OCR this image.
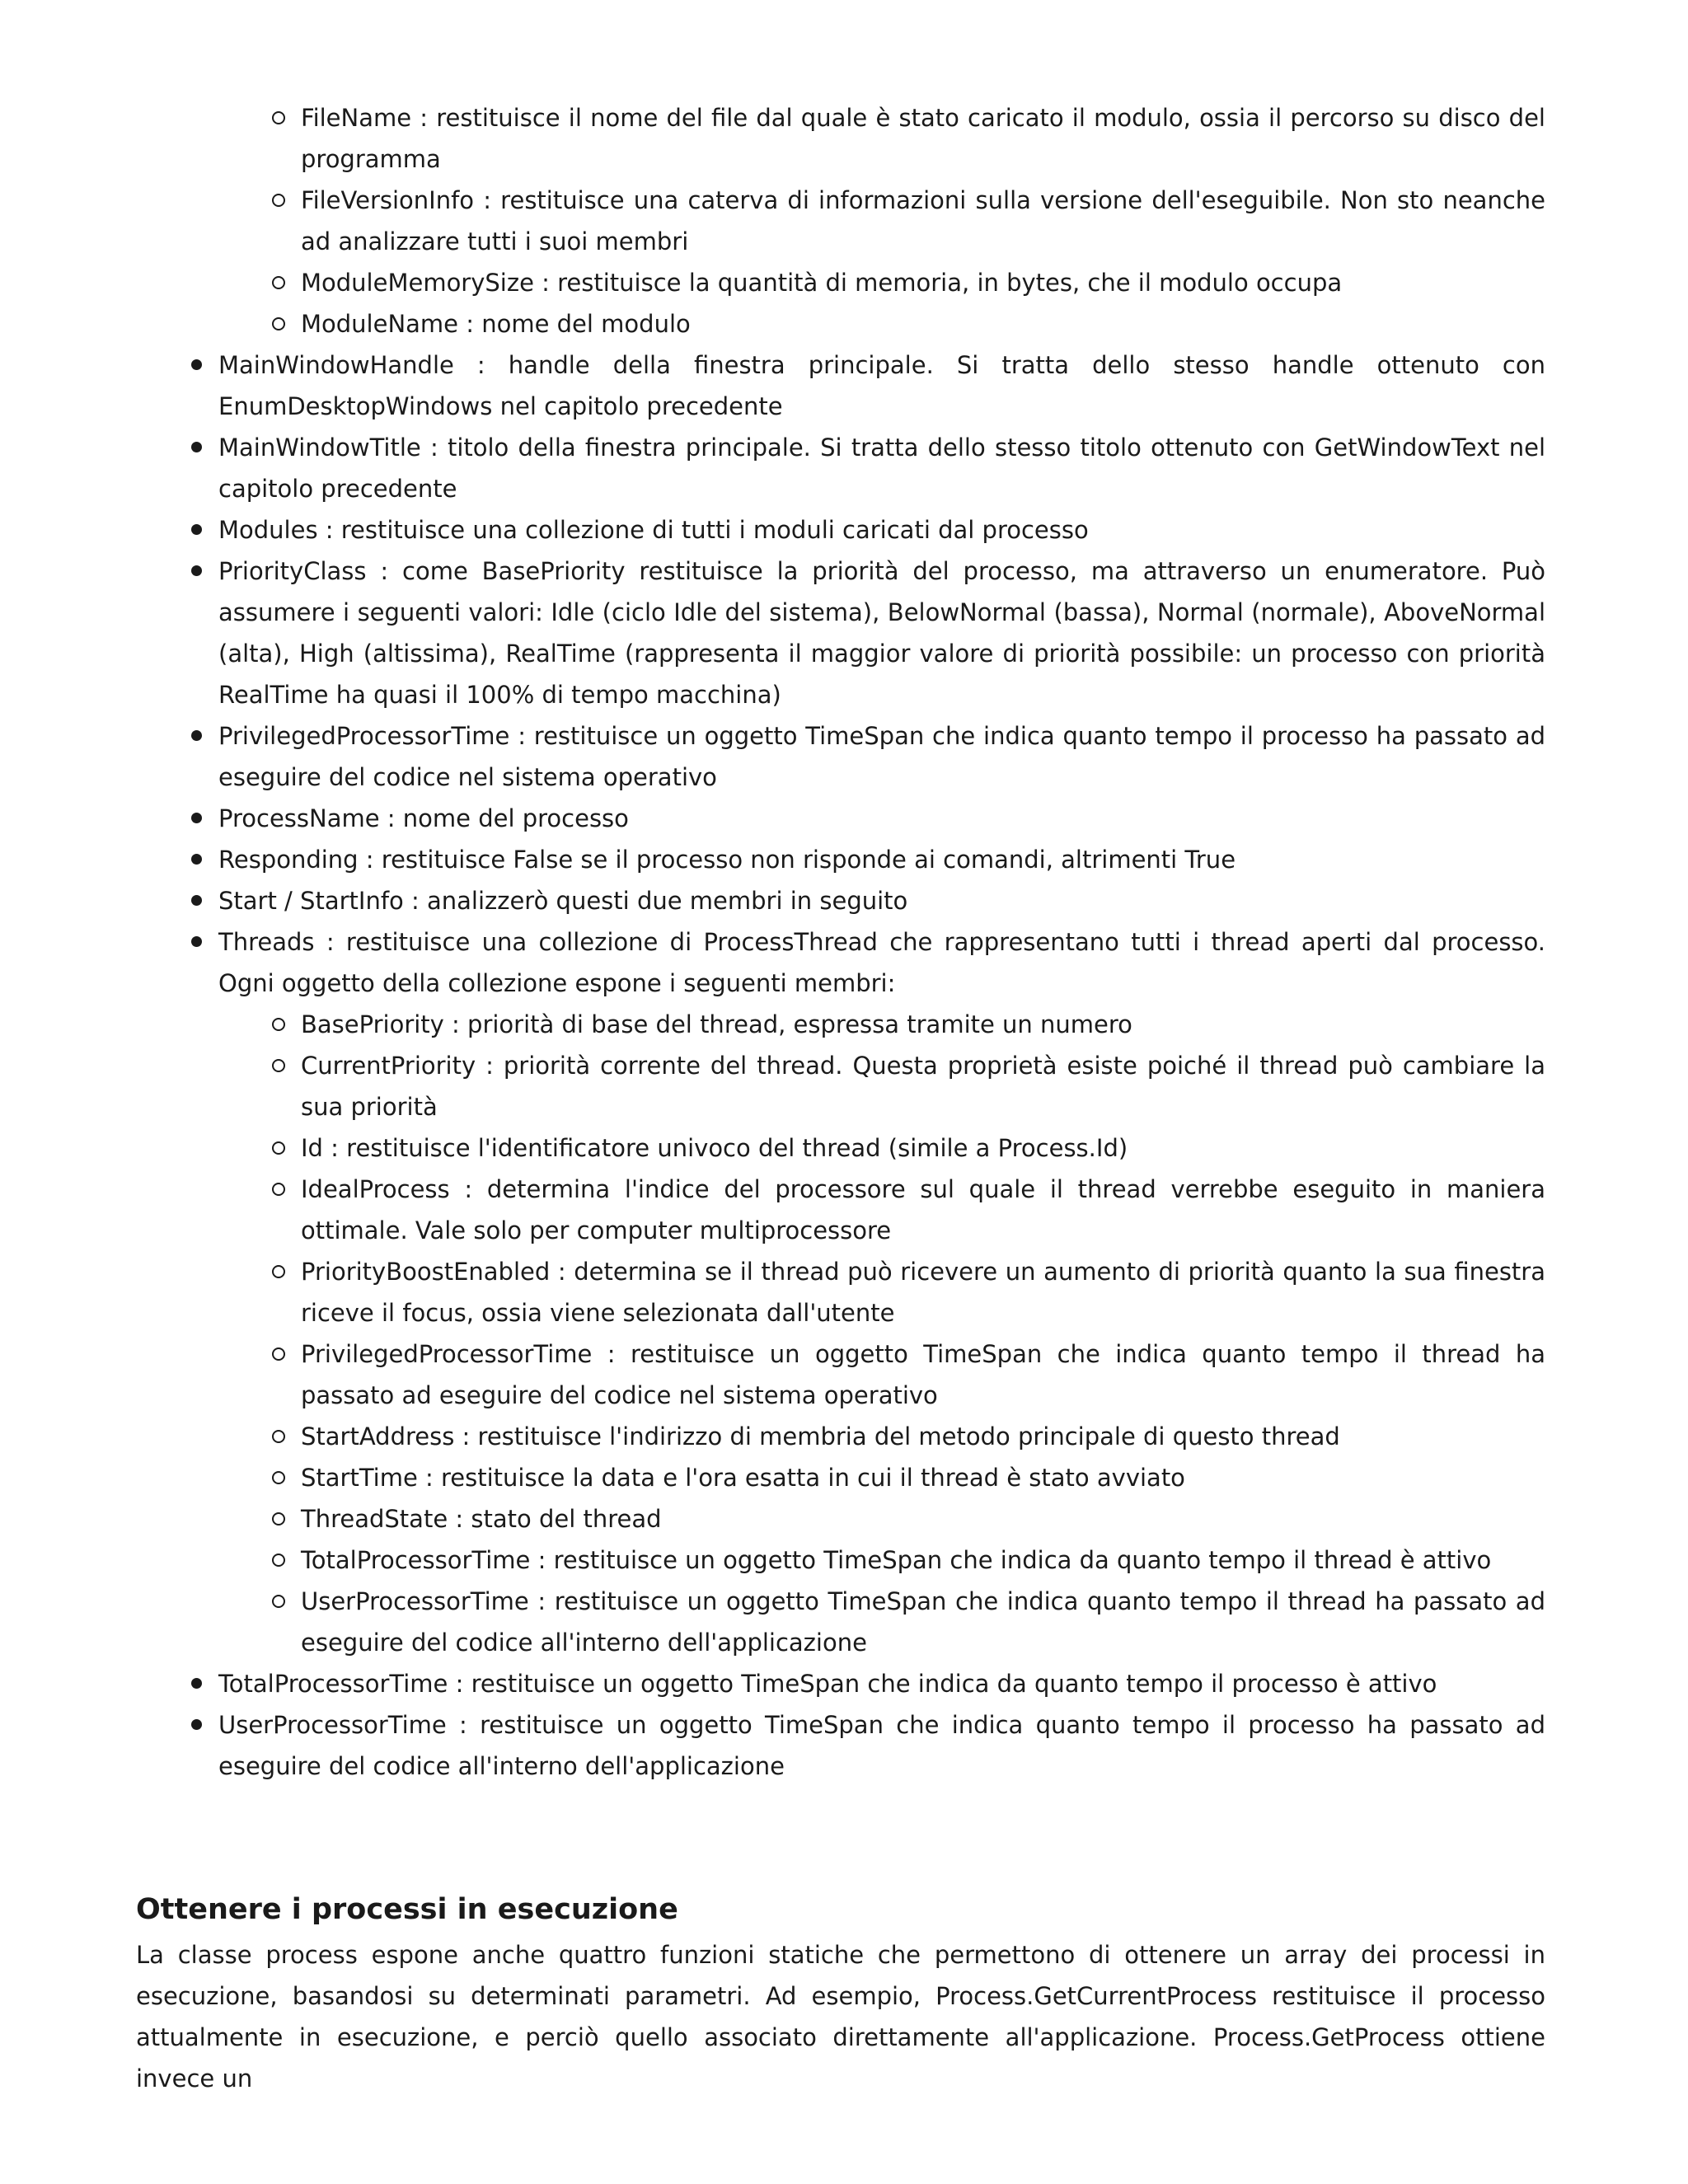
FileName : restituisce il nome del file dal quale è stato caricato il modulo, ossia il percorso su disco del programma
FileVersionInfo : restituisce una caterva di informazioni sulla versione dell'eseguibile. Non sto neanche ad analizzare tutti i suoi membri
ModuleMemorySize : restituisce la quantità di memoria, in bytes, che il modulo occupa
ModuleName : nome del modulo
MainWindowHandle : handle della finestra principale. Si tratta dello stesso handle ottenuto con EnumDesktopWindows nel capitolo precedente
MainWindowTitle : titolo della finestra principale. Si tratta dello stesso titolo ottenuto con GetWindowText nel capitolo precedente
Modules : restituisce una collezione di tutti i moduli caricati dal processo
PriorityClass : come BasePriority restituisce la priorità del processo, ma attraverso un enumeratore. Può assumere i seguenti valori: Idle (ciclo Idle del sistema), BelowNormal (bassa), Normal (normale), AboveNormal (alta), High (altissima), RealTime (rappresenta il maggior valore di priorità possibile: un processo con priorità RealTime ha quasi il 100% di tempo macchina)
PrivilegedProcessorTime : restituisce un oggetto TimeSpan che indica quanto tempo il processo ha passato ad eseguire del codice nel sistema operativo
ProcessName : nome del processo
Responding : restituisce False se il processo non risponde ai comandi, altrimenti True
Start / StartInfo : analizzerò questi due membri in seguito
Threads : restituisce una collezione di ProcessThread che rappresentano tutti i thread aperti dal processo. Ogni oggetto della collezione espone i seguenti membri:
BasePriority : priorità di base del thread, espressa tramite un numero
CurrentPriority : priorità corrente del thread. Questa proprietà esiste poiché il thread può cambiare la sua priorità
Id : restituisce l'identificatore univoco del thread (simile a Process.Id)
IdealProcess : determina l'indice del processore sul quale il thread verrebbe eseguito in maniera ottimale. Vale solo per computer multiprocessore
PriorityBoostEnabled : determina se il thread può ricevere un aumento di priorità quanto la sua finestra riceve il focus, ossia viene selezionata dall'utente
PrivilegedProcessorTime : restituisce un oggetto TimeSpan che indica quanto tempo il thread ha passato ad eseguire del codice nel sistema operativo
StartAddress : restituisce l'indirizzo di membria del metodo principale di questo thread
StartTime : restituisce la data e l'ora esatta in cui il thread è stato avviato
ThreadState : stato del thread
TotalProcessorTime : restituisce un oggetto TimeSpan che indica da quanto tempo il thread è attivo
UserProcessorTime : restituisce un oggetto TimeSpan che indica quanto tempo il thread ha passato ad eseguire del codice all'interno dell'applicazione
TotalProcessorTime : restituisce un oggetto TimeSpan che indica da quanto tempo il processo è attivo
UserProcessorTime : restituisce un oggetto TimeSpan che indica quanto tempo il processo ha passato ad eseguire del codice all'interno dell'applicazione
Ottenere i processi in esecuzione

La classe process espone anche quattro funzioni statiche che permettono di ottenere un array dei processi in esecuzione, basandosi su determinati parametri. Ad esempio, Process.GetCurrentProcess restituisce il processo attualmente in esecuzione, e perciò quello associato direttamente all'applicazione. Process.GetProcess ottiene invece un
